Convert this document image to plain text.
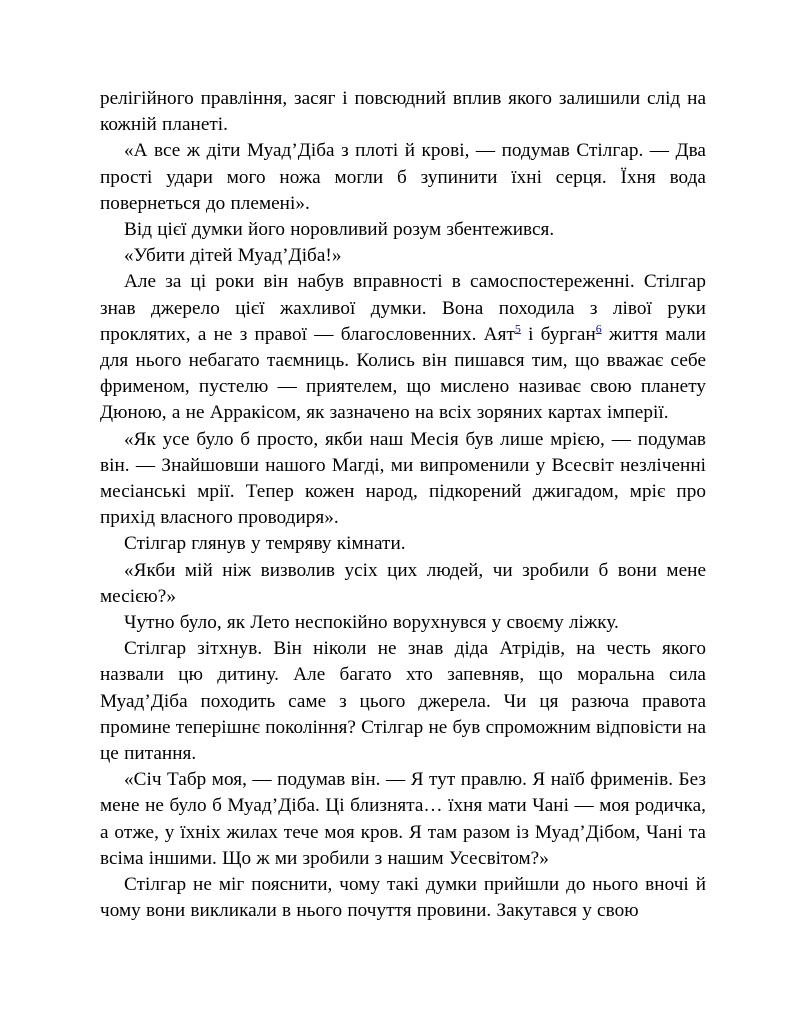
релігійного правління, засяг і повсюдний вплив якого залишили слід на кожній планеті.

«А все ж діти Муад’Діба з плоті й крові, — подумав Стілгар. — Два прості удари мого ножа могли б зупинити їхні серця. Їхня вода повернеться до племені».

Від цієї думки його норовливий розум збентежився.

«Убити дітей Муад’Діба!»

Але за ці роки він набув вправності в самоспостереженні. Стілгар знав джерело цієї жахливої думки. Вона походила з лівої руки проклятих, а не з правої — благословенних. Аят$^5$ і бурган$^6$ життя мали для нього небагато таємниць. Колись він пишався тим, що вважає себе фрименом, пустелю — приятелем, що мислено називає свою планету Дюною, а не Арракісом, як зазначено на всіх зоряних картах імперії.

«Як усе було б просто, якби наш Месія був лише мрією, — подумав він. — Знайшовши нашого Магді, ми випроменили у Всесвіт незліченні месіанські мрії. Тепер кожен народ, підкорений джигадом, мріє про прихід власного проводиря».

Стілгар глянув у темряву кімнати.

«Якби мій ніж визволив усіх цих людей, чи зробили б вони мене месією?»

Чутно було, як Лето неспокійно ворухнувся у своєму ліжку.

Стілгар зітхнув. Він ніколи не знав діда Атрідів, на честь якого назвали цю дитину. Але багато хто запевняв, що моральна сила Муад’Діба походить саме з цього джерела. Чи ця разюча правота промине теперішнє покоління? Стілгар не був спроможним відповісти на це питання.

«Січ Табр моя, — подумав він. — Я тут правлю. Я наїб фрименів. Без мене не було б Муад’Діба. Ці близнята… їхня мати Чані — моя родичка, а отже, у їхніх жилах тече моя кров. Я там разом із Муад’Дібом, Чані та всіма іншими. Що ж ми зробили з нашим Усесвітом?»

Стілгар не міг пояснити, чому такі думки прийшли до нього вночі й чому вони викликали в нього почуття провини. Закутався у свою
